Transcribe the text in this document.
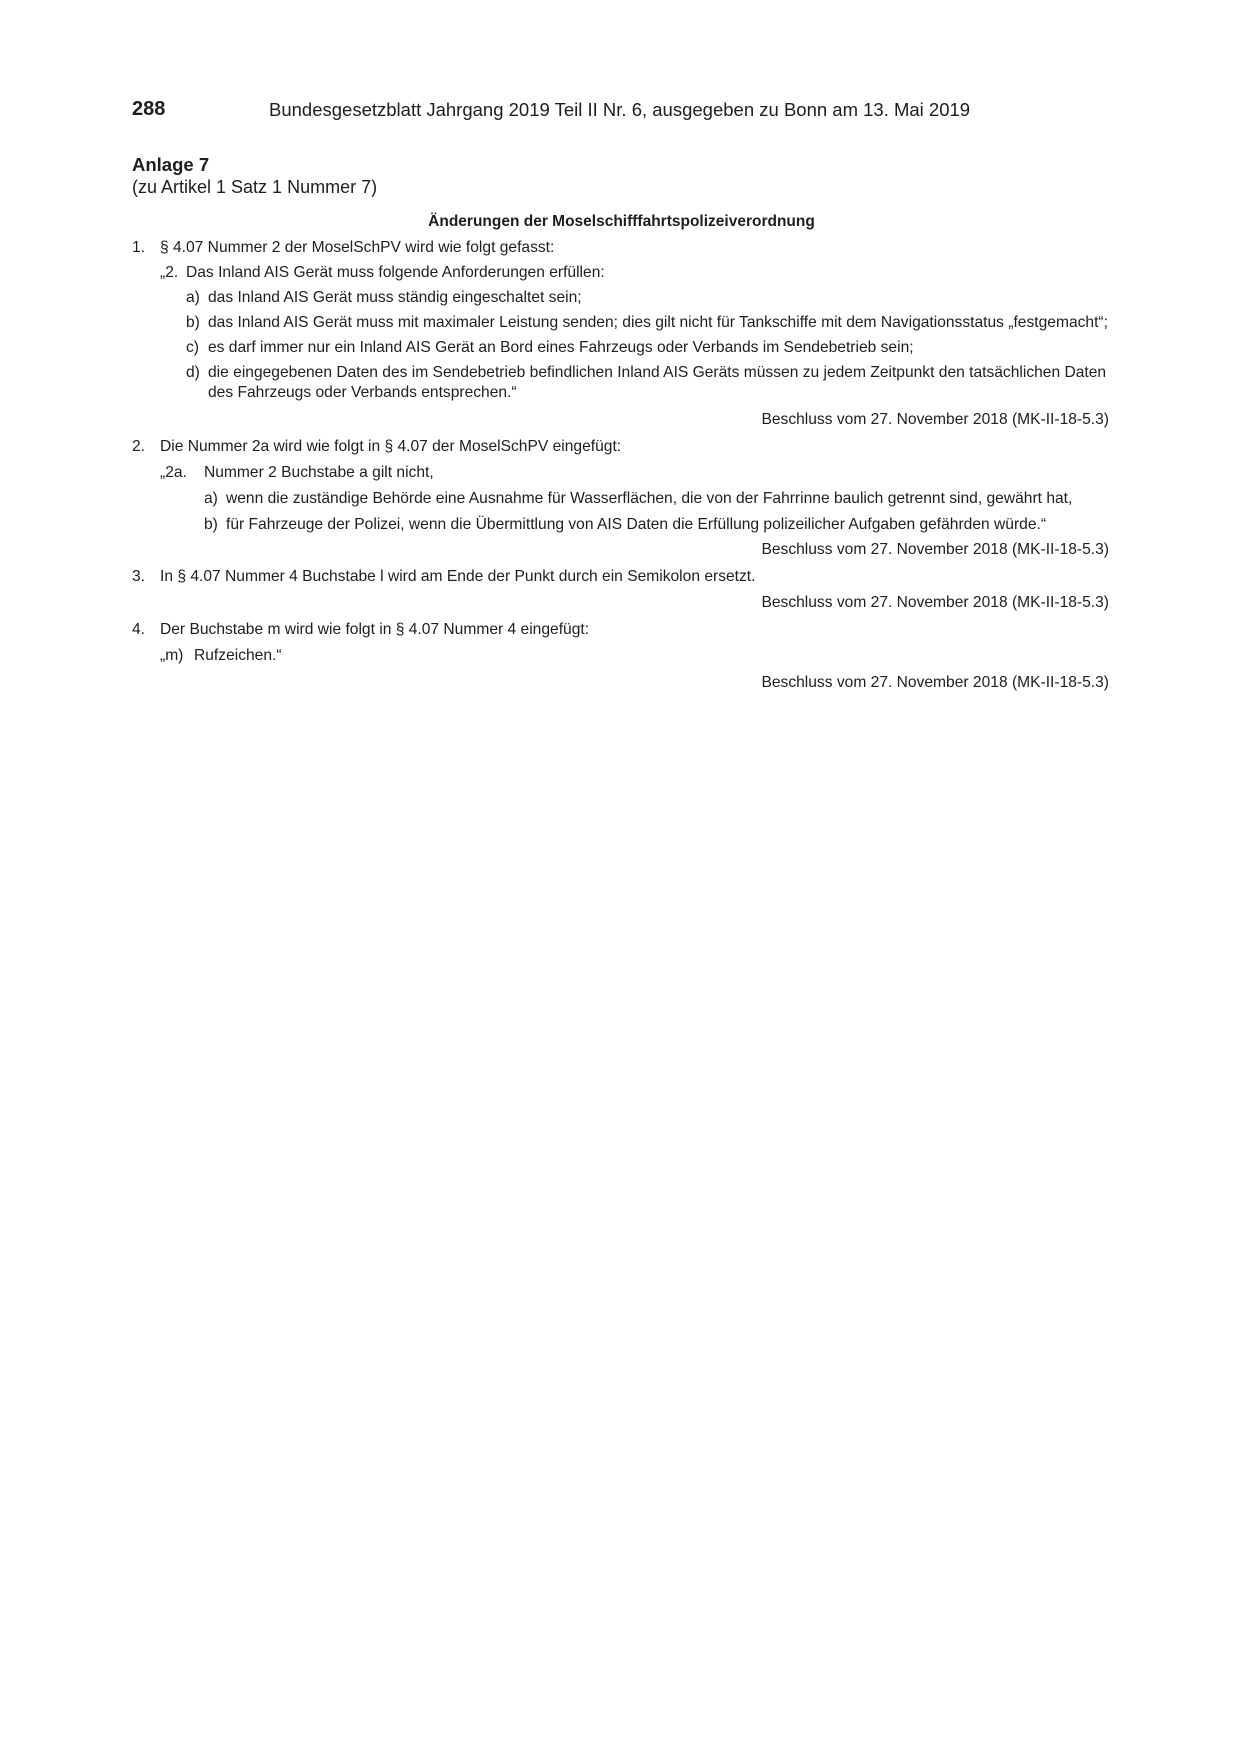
288	Bundesgesetzblatt Jahrgang 2019 Teil II Nr. 6, ausgegeben zu Bonn am 13. Mai 2019
Anlage 7
(zu Artikel 1 Satz 1 Nummer 7)
Änderungen der Moselschifffahrtspolizeiverordnung
1. § 4.07 Nummer 2 der MoselSchPV wird wie folgt gefasst:

„2. Das Inland AIS Gerät muss folgende Anforderungen erfüllen:

a) das Inland AIS Gerät muss ständig eingeschaltet sein;

b) das Inland AIS Gerät muss mit maximaler Leistung senden; dies gilt nicht für Tankschiffe mit dem Navigationsstatus „festgemacht“;

c) es darf immer nur ein Inland AIS Gerät an Bord eines Fahrzeugs oder Verbands im Sendebetrieb sein;

d) die eingegebenen Daten des im Sendebetrieb befindlichen Inland AIS Geräts müssen zu jedem Zeitpunkt den tatsächlichen Daten des Fahrzeugs oder Verbands entsprechen.“

Beschluss vom 27. November 2018 (MK-II-18-5.3)
2. Die Nummer 2a wird wie folgt in § 4.07 der MoselSchPV eingefügt:

„2a. Nummer 2 Buchstabe a gilt nicht,

a) wenn die zuständige Behörde eine Ausnahme für Wasserflächen, die von der Fahrrinne baulich getrennt sind, gewährt hat,

b) für Fahrzeuge der Polizei, wenn die Übermittlung von AIS Daten die Erfüllung polizeilicher Aufgaben gefährden würde.“

Beschluss vom 27. November 2018 (MK-II-18-5.3)
3. In § 4.07 Nummer 4 Buchstabe l wird am Ende der Punkt durch ein Semikolon ersetzt.

Beschluss vom 27. November 2018 (MK-II-18-5.3)
4. Der Buchstabe m wird wie folgt in § 4.07 Nummer 4 eingefügt:

„m) Rufzeichen.“

Beschluss vom 27. November 2018 (MK-II-18-5.3)
